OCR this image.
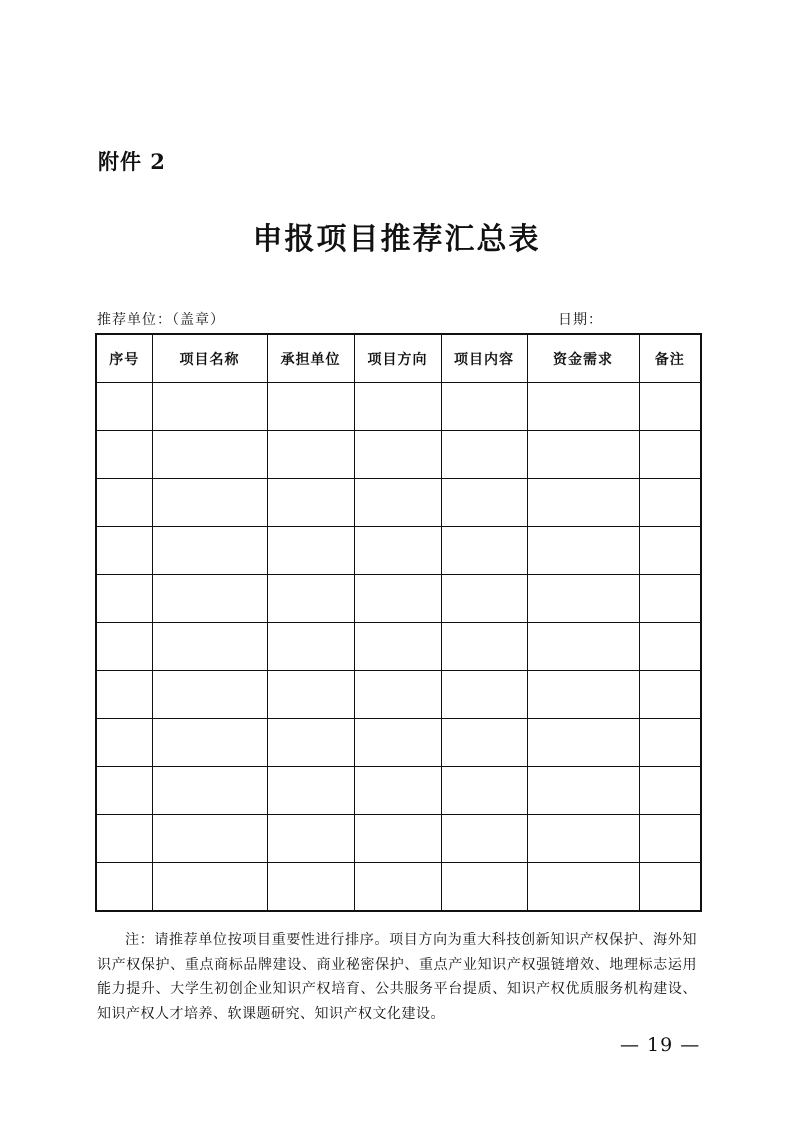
附件 2
申报项目推荐汇总表
推荐单位：（盖章）	日期：
序号	项目名称	承担单位	项目方向	项目内容	资金需求	备注

注：请推荐单位按项目重要性进行排序。项目方向为重大科技创新知识产权保护、海外知识产权保护、重点商标品牌建设、商业秘密保护、重点产业知识产权强链增效、地理标志运用能力提升、大学生初创企业知识产权培育、公共服务平台提质、知识产权优质服务机构建设、知识产权人才培养、软课题研究、知识产权文化建设。
— 19 —
